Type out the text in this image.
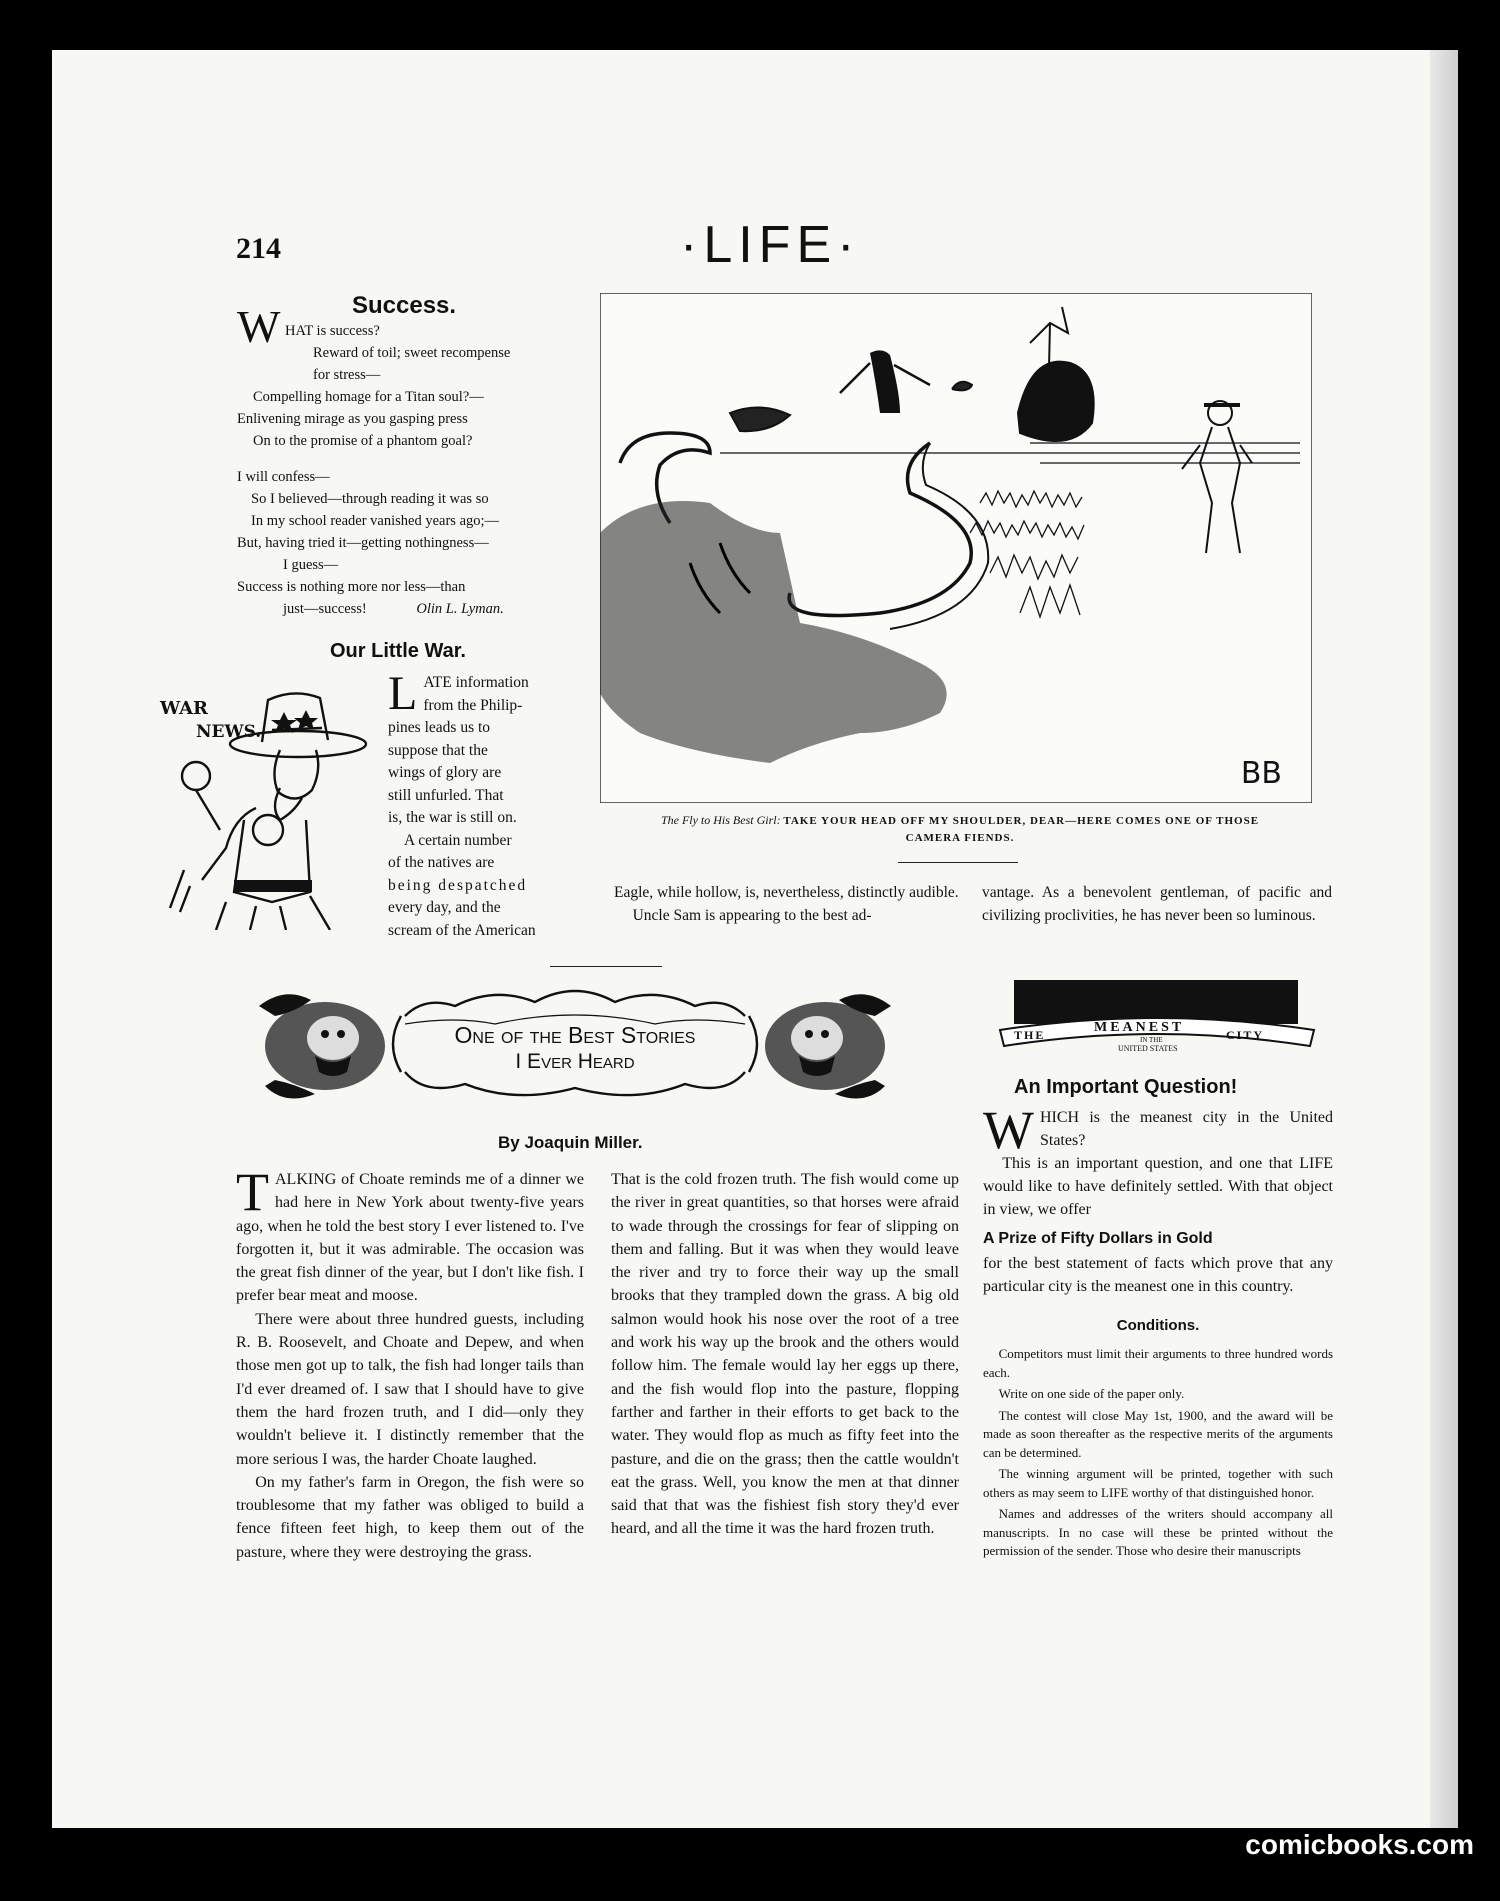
214	·LIFE·
Success.
W HAT is success?
Reward of toil; sweet recompense
for stress—
Compelling homage for a Titan soul?—
Enlivening mirage as you gasping press
On to the promise of a phantom goal?
I will confess—
So I believed—through reading it was so
In my school reader vanished years ago;—
But, having tried it—getting nothingness—
I guess—
Success is nothing more nor less—than
just—success!	Olin L. Lyman.
Our Little War.
WAR
NEWS.
L ATE information
from the Philip-
pines leads us to
suppose that the
wings of glory are
still unfurled. That
is, the war is still on.
A certain number
of the natives are
being despatched
every day, and the
scream of the American

Eagle, while hollow, is, nevertheless, distinctly audible.

Uncle Sam is appearing to the best ad-

vantage. As a benevolent gentleman, of pacific and civilizing proclivities, he has never been so luminous.

BB
The Fly to His Best Girl: TAKE YOUR HEAD OFF MY SHOULDER, DEAR—HERE COMES ONE OF THOSE CAMERA FIENDS.
One of the Best Stories
I Ever Heard
By Joaquin Miller.

TALKING of Choate reminds me of a dinner we had here in New York about twenty-five years ago, when he told the best story I ever listened to. I've forgotten it, but it was admirable. The occasion was the great fish dinner of the year, but I don't like fish. I prefer bear meat and moose.

There were about three hundred guests, including R. B. Roosevelt, and Choate and Depew, and when those men got up to talk, the fish had longer tails than I'd ever dreamed of. I saw that I should have to give them the hard frozen truth, and I did—only they wouldn't believe it. I distinctly remember that the more serious I was, the harder Choate laughed.

On my father's farm in Oregon, the fish were so troublesome that my father was obliged to build a fence fifteen feet high, to keep them out of the pasture, where they were destroying the grass.

That is the cold frozen truth. The fish would come up the river in great quantities, so that horses were afraid to wade through the crossings for fear of slipping on them and falling. But it was when they would leave the river and try to force their way up the small brooks that they trampled down the grass. A big old salmon would hook his nose over the root of a tree and work his way up the brook and the others would follow him. The female would lay her eggs up there, and the fish would flop into the pasture, flopping farther and farther in their efforts to get back to the water. They would flop as much as fifty feet into the pasture, and die on the grass; then the cattle wouldn't eat the grass. Well, you know the men at that dinner said that that was the fishiest fish story they'd ever heard, and all the time it was the hard frozen truth.

THE	MEANEST	CITY
IN THE
UNITED STATES
An Important Question!

WHICH is the meanest city in the United States?

This is an important question, and one that LIFE would like to have definitely settled. With that object in view, we offer

A Prize of Fifty Dollars in Gold

for the best statement of facts which prove that any particular city is the meanest one in this country.

Conditions.

Competitors must limit their arguments to three hundred words each.

Write on one side of the paper only.

The contest will close May 1st, 1900, and the award will be made as soon thereafter as the respective merits of the arguments can be determined.

The winning argument will be printed, together with such others as may seem to LIFE worthy of that distinguished honor.

Names and addresses of the writers should accompany all manuscripts. In no case will these be printed without the permission of the sender. Those who desire their manuscripts

comicbooks.com
